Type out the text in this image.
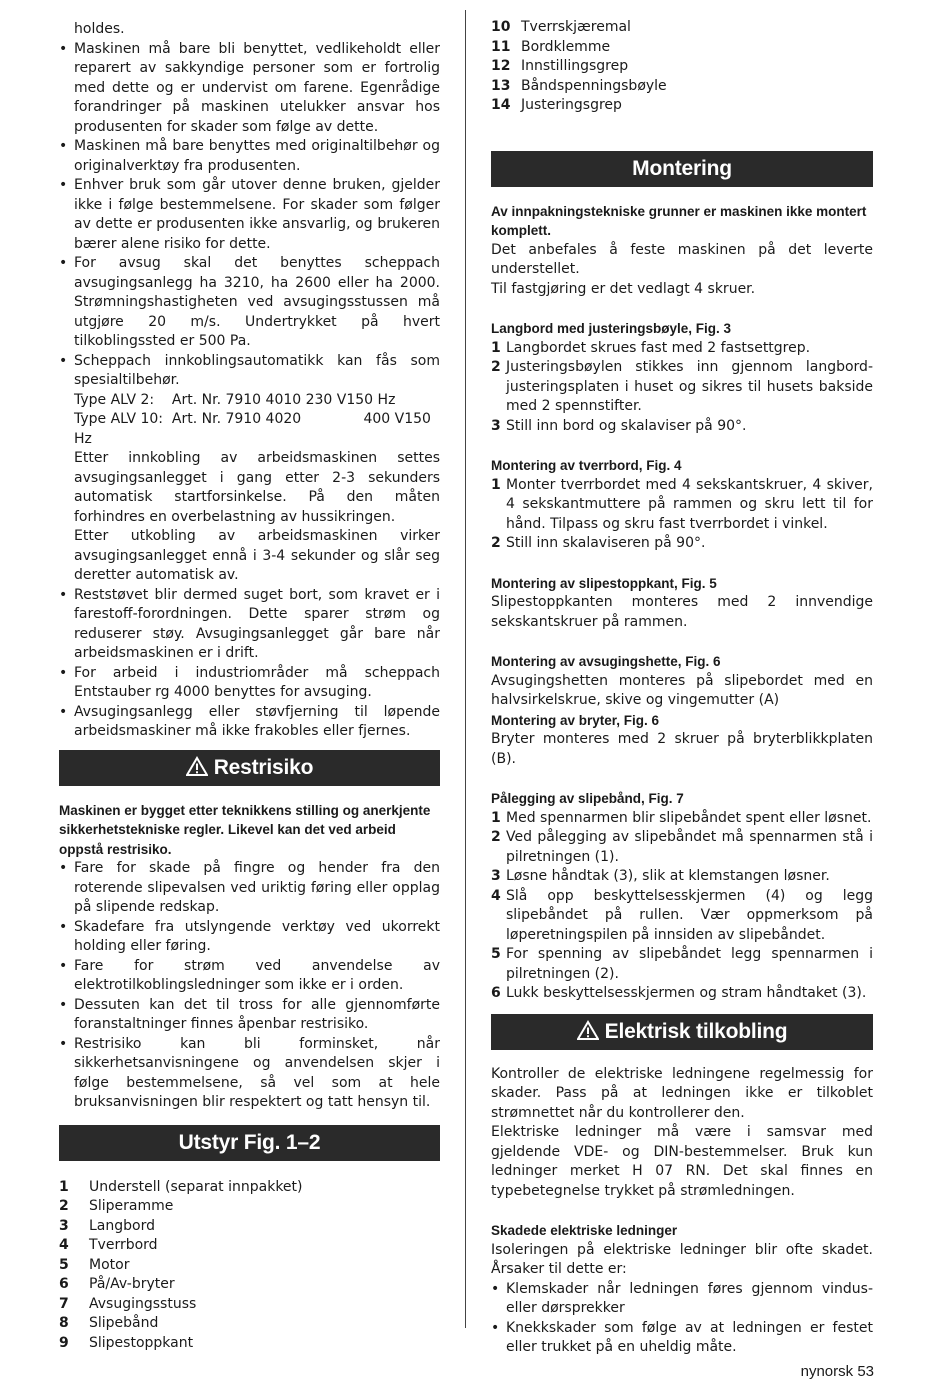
holdes.
• Maskinen må bare bli benyttet, vedlikeholdt eller reparert av sakkyndige personer som er fortrolig med dette og er undervist om farene. Egenrådige forandringer på maskinen utelukker ansvar hos produsenten for skader som følge av dette.
• Maskinen må bare benyttes med originaltilbehør og originalverktøy fra produsenten.
• Enhver bruk som går utover denne bruken, gjelder ikke i følge bestemmelsene. For skader som følger av dette er produsenten ikke ansvarlig, og brukeren bærer alene risiko for dette.
• For avsug skal det benyttes scheppach avsugingsanlegg ha 3210, ha 2600 eller ha 2000. Strømningshastigheten ved avsugingsstussen må utgjøre 20 m/s. Undertrykket på hvert tilkoblingssted er 500 Pa.
• Scheppach innkoblingsautomatikk kan fås som spesialtilbehør.
Type ALV 2:    Art. Nr. 7910 4010 230 V150 Hz
Type ALV 10:  Art. Nr. 7910 4020              400 V150
Hz
Etter innkobling av arbeidsmaskinen settes avsugingsanlegget i gang etter 2-3 sekunders automatisk startforsinkelse. På den måten forhindres en overbelastning av hussikringen.
Etter utkobling av arbeidsmaskinen virker avsugingsanlegget ennå i 3-4 sekunder og slår seg deretter automatisk av.
• Reststøvet blir dermed suget bort, som kravet er i farestoff-forordningen. Dette sparer strøm og reduserer støy. Avsugingsanlegget går bare når arbeidsmaskinen er i drift.
• For arbeid i industriområder må scheppach Entstauber rg 4000 benyttes for avsuging.
• Avsugingsanlegg eller støvfjerning til løpende arbeidsmaskiner må ikke frakobles eller fjernes.
Restrisiko
Maskinen er bygget etter teknikkens stilling og anerkjente sikkerhetstekniske regler. Likevel kan det ved arbeid oppstå restrisiko.
• Fare for skade på fingre og hender fra den roterende slipevalsen ved uriktig føring eller opplag på slipende redskap.
• Skadefare fra utslyngende verktøy ved ukorrekt holding eller føring.
• Fare for strøm ved anvendelse av elektrotilkoblingsledninger som ikke er i orden.
• Dessuten kan det til tross for alle gjennomførte foranstaltninger finnes åpenbar restrisiko.
• Restrisiko kan bli forminsket, når sikkerhetsanvisningene og anvendelsen skjer i følge bestemmelsene, så vel som at hele bruksanvisningen blir respektert og tatt hensyn til.
Utstyr Fig. 1–2
1 Understell (separat innpakket)
2 Sliperamme
3 Langbord
4 Tverrbord
5 Motor
6 På/Av-bryter
7 Avsugingsstuss
8 Slipebånd
9 Slipestoppkant
10 Tverrskjæremal
11 Bordklemme
12 Innstillingsgrep
13 Båndspenningsbøyle
14 Justeringsgrep
Montering
Av innpakningstekniske grunner er maskinen ikke montert komplett.

Det anbefales å feste maskinen på det leverte understellet.

Til fastgjøring er det vedlagt 4 skruer.

Langbord med justeringsbøyle, Fig. 3
1 Langbordet skrues fast med 2 fastsettgrep.
2 Justeringsbøylen stikkes inn gjennom langbord-justeringsplaten i huset og sikres til husets bakside med 2 spennstifter.
3 Still inn bord og skalaviser på 90°.
Montering av tverrbord, Fig. 4
1 Monter tverrbordet med 4 sekskantskruer, 4 skiver, 4 sekskantmuttere på rammen og skru lett til for hånd. Tilpass og skru fast tverrbordet i vinkel.
2 Still inn skalaviseren på 90°.
Montering av slipestoppkant, Fig. 5

Slipestoppkanten monteres med 2 innvendige sekskantskruer på rammen.

Montering av avsugingshette, Fig. 6

Avsugingshetten monteres på slipebordet med en halvsirkelskrue, skive og vingemutter (A)

Montering av bryter, Fig. 6

Bryter monteres med 2 skruer på bryterblikkplaten (B).

Pålegging av slipebånd, Fig. 7
1 Med spennarmen blir slipebåndet spent eller løsnet.
2 Ved pålegging av slipebåndet må spennarmen stå i pilretningen (1).
3 Løsne håndtak (3), slik at klemstangen løsner.
4 Slå opp beskyttelsesskjermen (4) og legg slipebåndet på rullen. Vær oppmerksom på løperetningspilen på innsiden av slipebåndet.
5 For spenning av slipebåndet legg spennarmen i pilretningen (2).
6 Lukk beskyttelsesskjermen og stram håndtaket (3).
Elektrisk tilkobling

Kontroller de elektriske ledningene regelmessig for skader. Pass på at ledningen ikke er tilkoblet strømnettet når du kontrollerer den.

Elektriske ledninger må være i samsvar med gjeldende VDE- og DIN-bestemmelser. Bruk kun ledninger merket H 07 RN. Det skal finnes en typebetegnelse trykket på strømledningen.

Skadede elektriske ledninger

Isoleringen på elektriske ledninger blir ofte skadet. Årsaker til dette er:

• Klemskader når ledningen føres gjennom vindus- eller dørsprekker
• Knekkskader som følge av at ledningen er festet eller trukket på en uheldig måte.
nynorsk 53
